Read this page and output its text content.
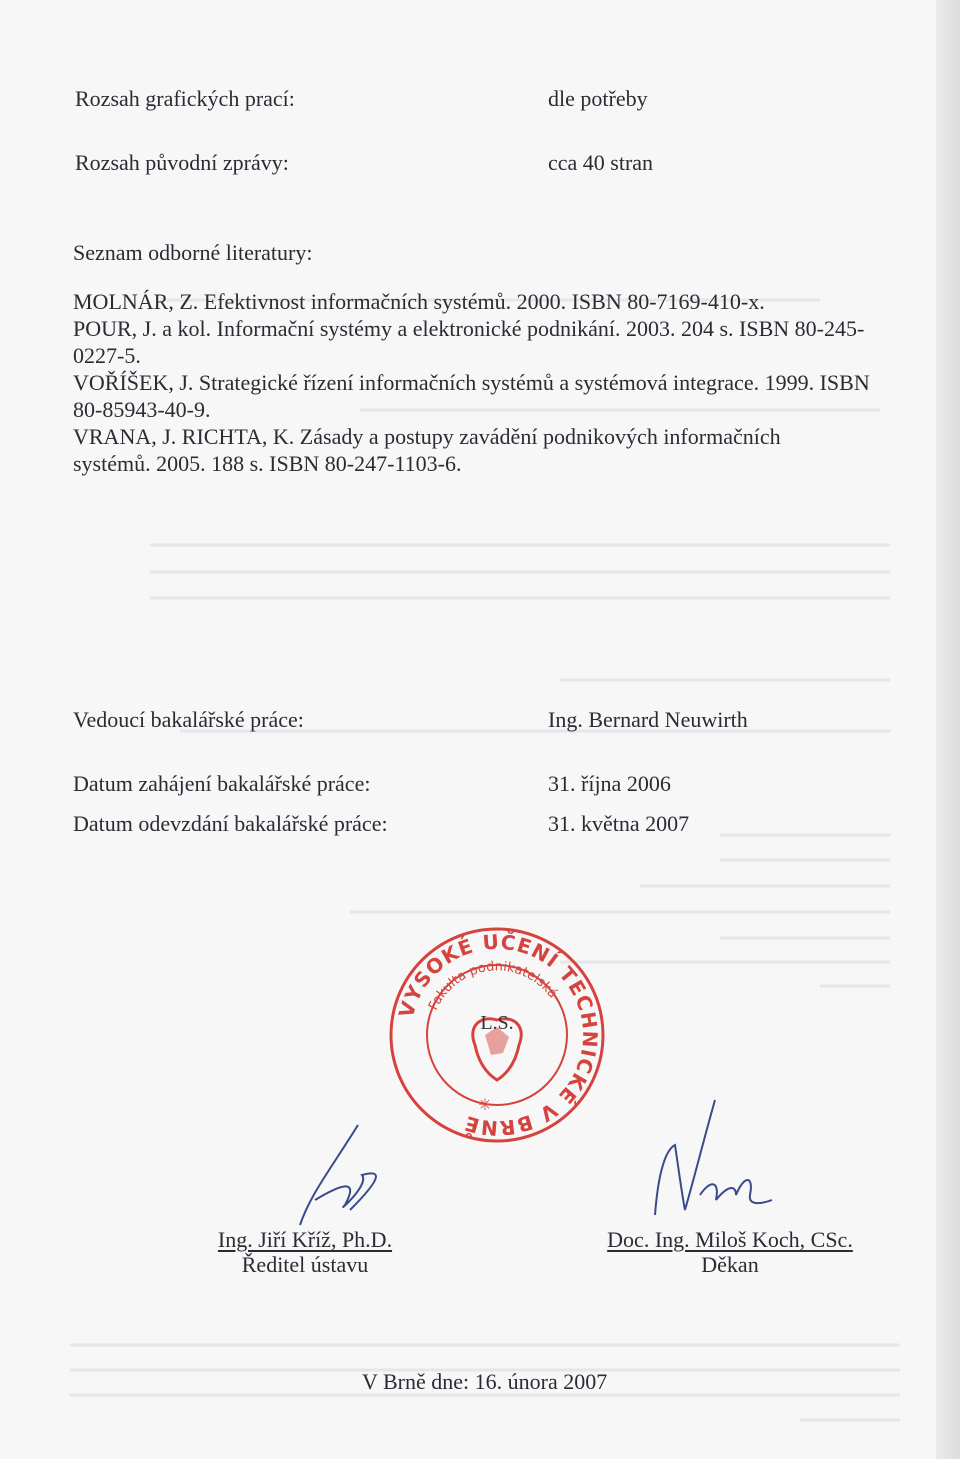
Rozsah grafických prací:	dle potřeby
Rozsah původní zprávy:	cca 40 stran
Seznam odborné literatury:
MOLNÁR, Z. Efektivnost informačních systémů. 2000. ISBN 80-7169-410-x.
POUR, J. a kol. Informační systémy a elektronické podnikání. 2003. 204 s. ISBN 80-245-0227-5.
VOŘÍŠEK, J. Strategické řízení informačních systémů a systémová integrace. 1999. ISBN 80-85943-40-9.
VRANA, J. RICHTA, K. Zásady a postupy zavádění podnikových informačních systémů. 2005. 188 s. ISBN 80-247-1103-6.
Vedoucí bakalářské práce:	Ing. Bernard Neuwirth
Datum zahájení bakalářské práce:	31. října 2006
Datum odevzdání bakalářské práce:	31. května 2007
VYSOKÉ UČENÍ TECHNICKÉ V BRNĚ
Fakulta podnikatelská
L.S.
✳
Ing. Jiří Kříž, Ph.D.
Ředitel ústavu
Doc. Ing. Miloš Koch, CSc.
Děkan
V Brně dne: 16. února 2007
